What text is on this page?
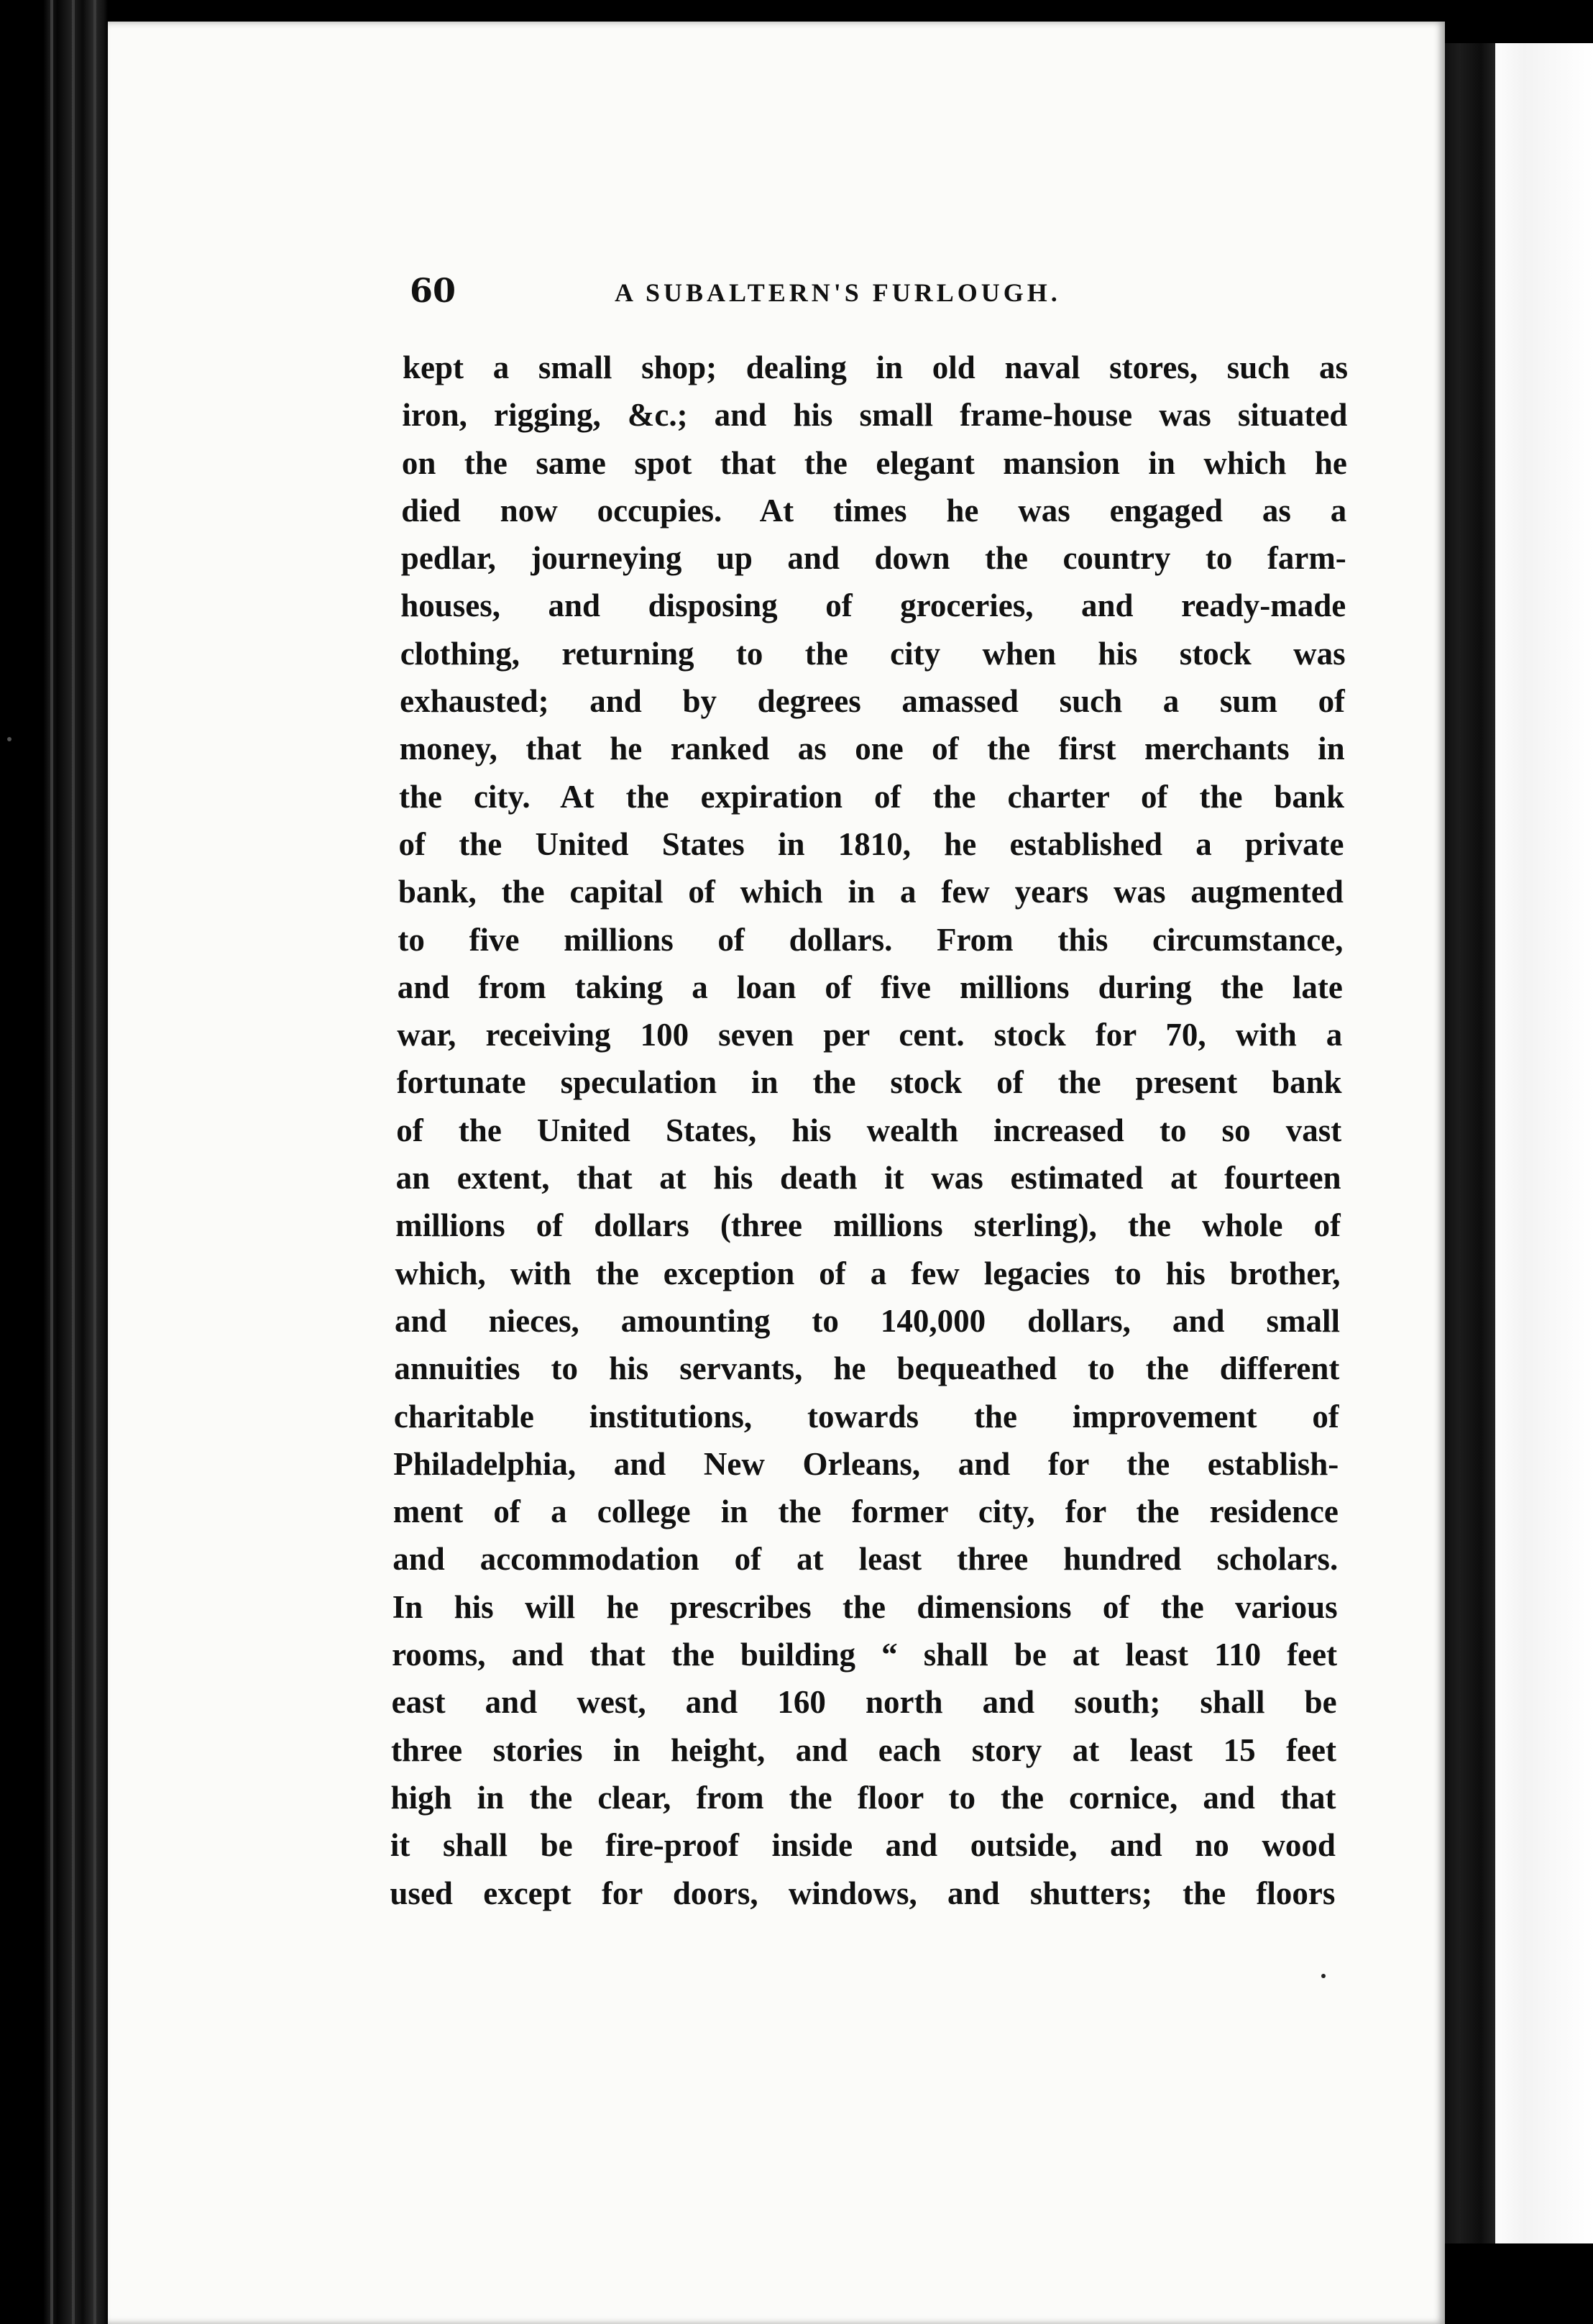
60	A SUBALTERN'S FURLOUGH.
kept a small shop; dealing in old naval stores, such as
iron, rigging, &c.; and his small frame-house was situated
on the same spot that the elegant mansion in which he
died now occupies. At times he was engaged as a
pedlar, journeying up and down the country to farm-
houses, and disposing of groceries, and ready-made
clothing, returning to the city when his stock was
exhausted; and by degrees amassed such a sum of
money, that he ranked as one of the first merchants in
the city. At the expiration of the charter of the bank
of the United States in 1810, he established a private
bank, the capital of which in a few years was augmented
to five millions of dollars. From this circumstance,
and from taking a loan of five millions during the late
war, receiving 100 seven per cent. stock for 70, with a
fortunate speculation in the stock of the present bank
of the United States, his wealth increased to so vast
an extent, that at his death it was estimated at fourteen
millions of dollars (three millions sterling), the whole of
which, with the exception of a few legacies to his brother,
and nieces, amounting to 140,000 dollars, and small
annuities to his servants, he bequeathed to the different
charitable institutions, towards the improvement of
Philadelphia, and New Orleans, and for the establish-
ment of a college in the former city, for the residence
and accommodation of at least three hundred scholars.
In his will he prescribes the dimensions of the various
rooms, and that the building “ shall be at least 110 feet
east and west, and 160 north and south; shall be
three stories in height, and each story at least 15 feet
high in the clear, from the floor to the cornice, and that
it shall be fire-proof inside and outside, and no wood
used except for doors, windows, and shutters; the floors
